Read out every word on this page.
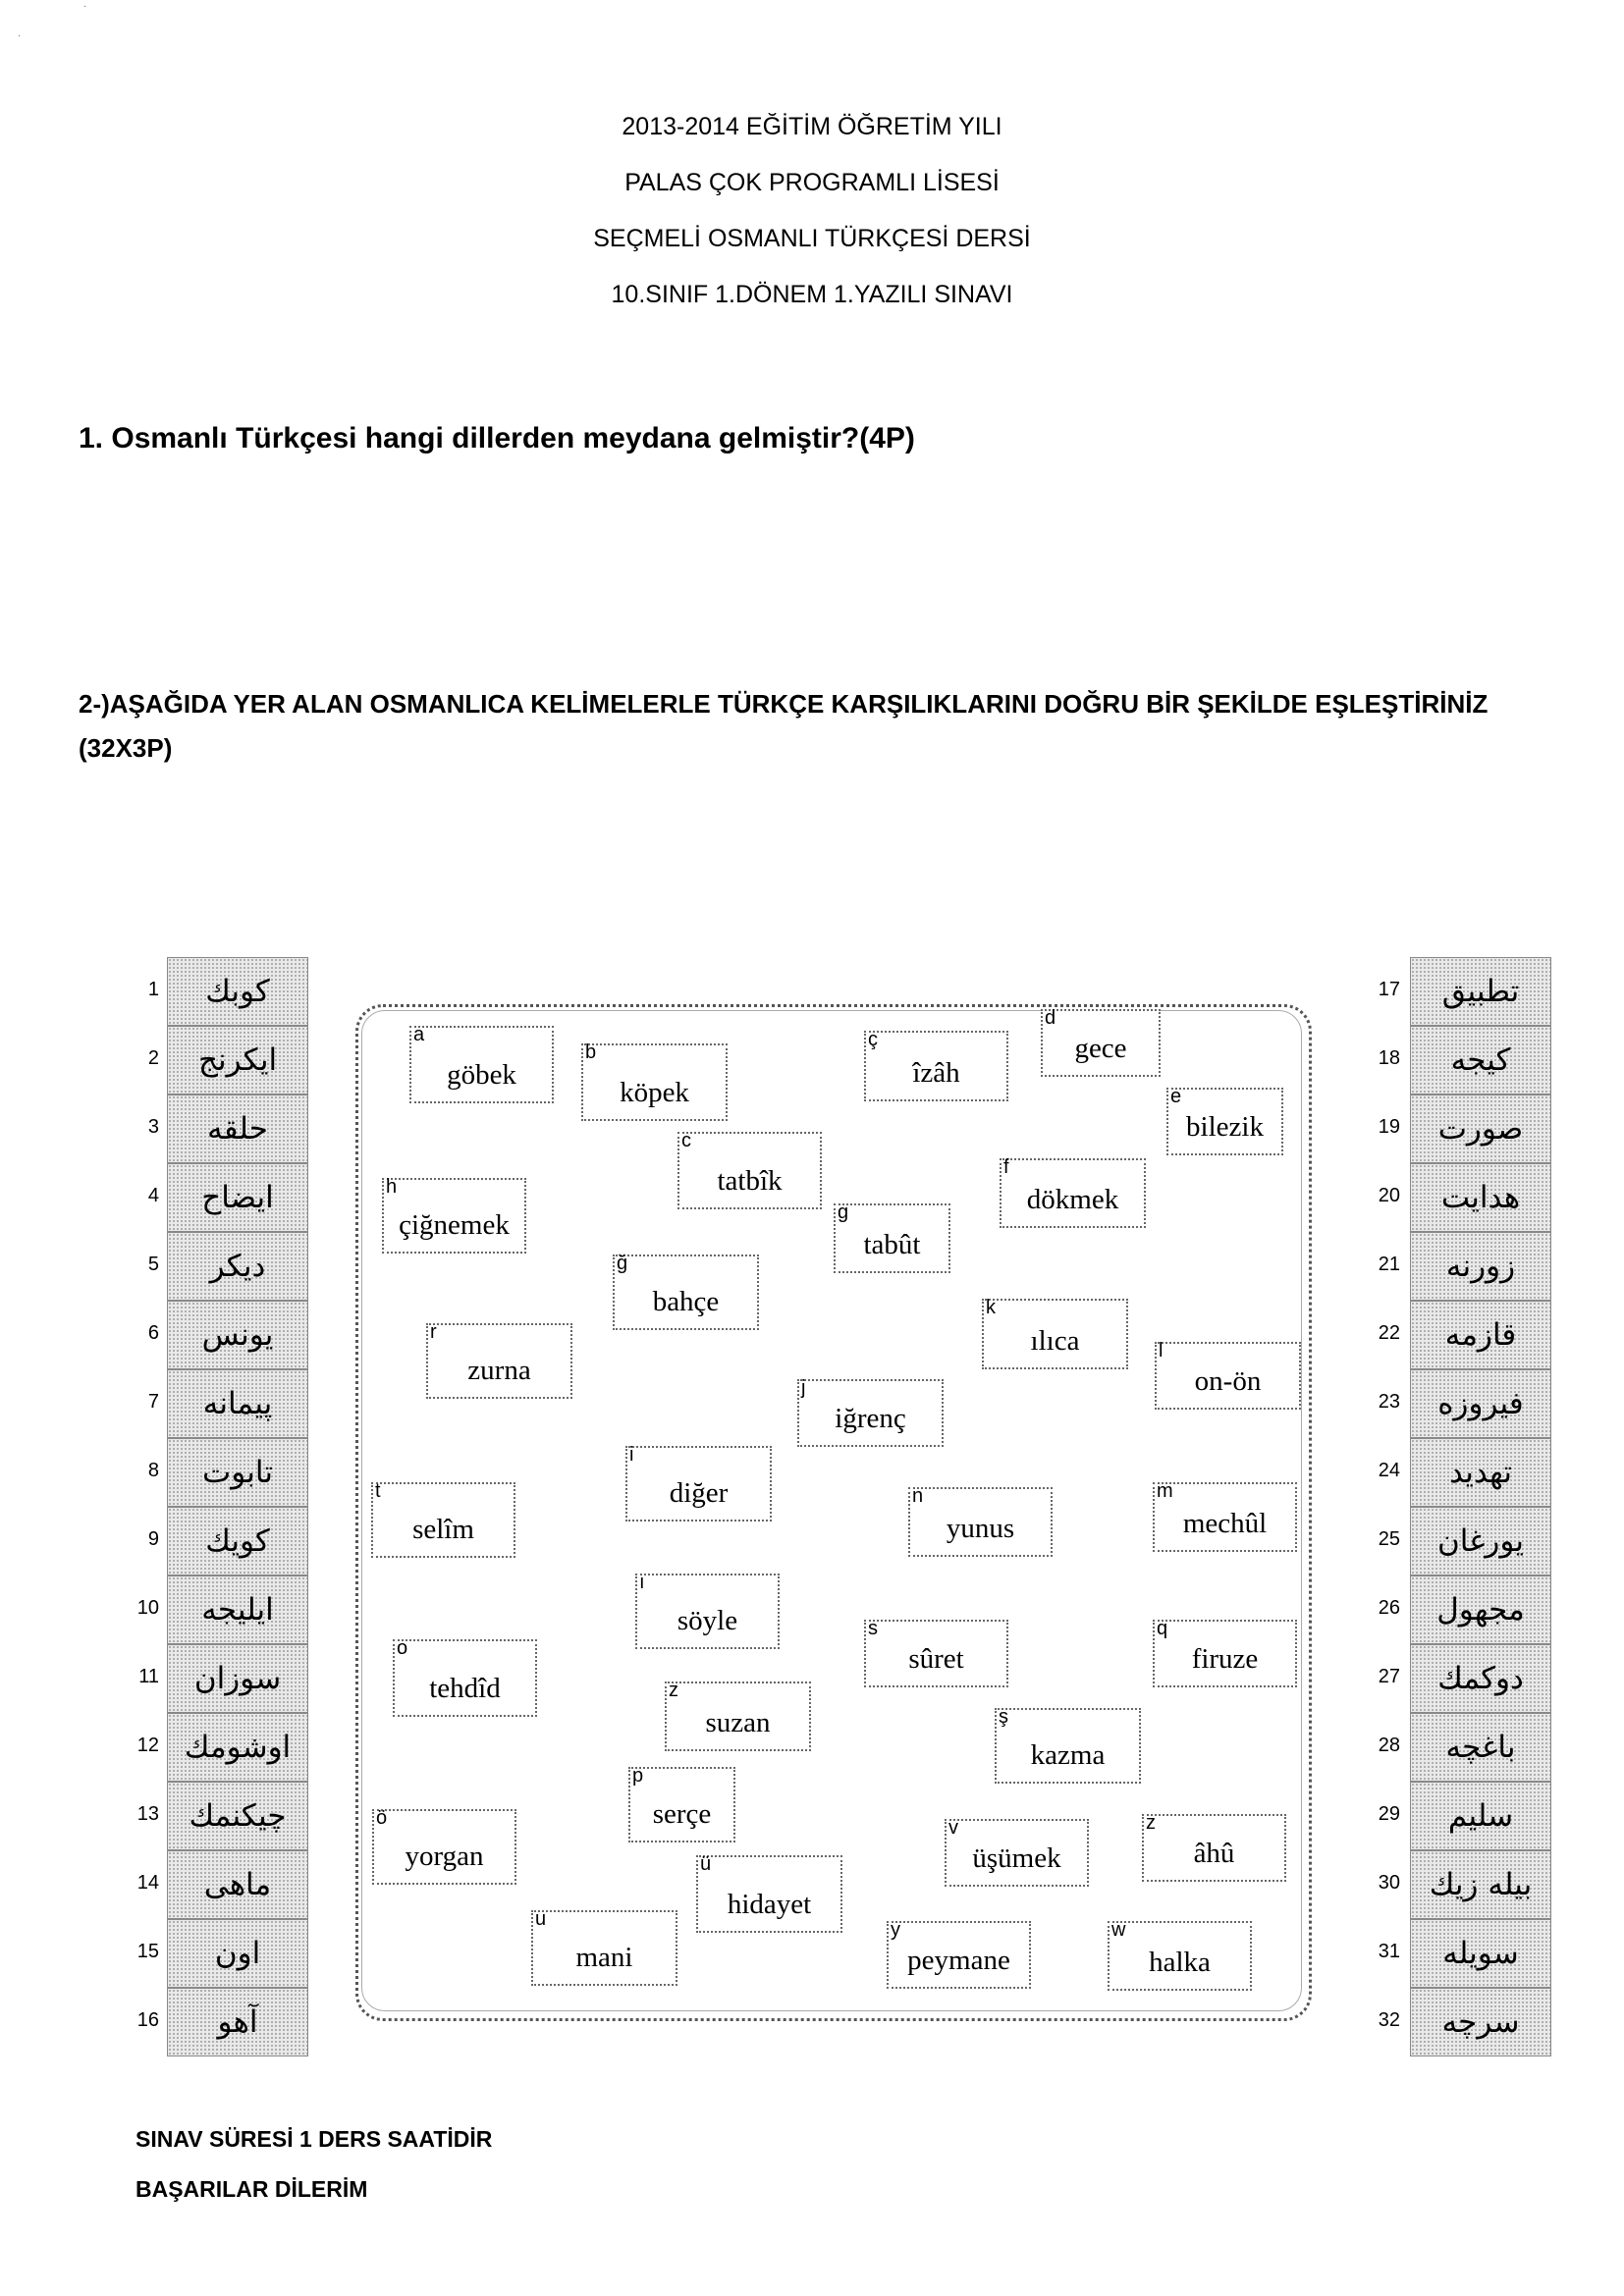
·
·
2013-2014 EĞİTİM ÖĞRETİM YILI
PALAS ÇOK PROGRAMLI LİSESİ
SEÇMELİ OSMANLI TÜRKÇESİ DERSİ
10.SINIF 1.DÖNEM 1.YAZILI SINAVI
1. Osmanlı Türkçesi hangi dillerden meydana gelmiştir?(4P)
2-)AŞAĞIDA YER ALAN OSMANLICA KELİMELERLE TÜRKÇE KARŞILIKLARINI DOĞRU BİR ŞEKİLDE EŞLEŞTİRİNİZ (32X3P)
1	کوبك
2	ایکرنج
3	حلقه
4	ایضاح
5	دیکر
6	یونس
7	پیمانه
8	تابوت
9	کویك
10	ایلیجه
11	سوزان
12 اوشومك
13 چیکنمك
14	ماهی
15	اون
16	آهو
17	تطبیق
18	کیجه
19	صورت
20	هدایت
21	زورنه
22	قازمه
23	فیروزه
24	تهدید
25	یورغان
26	مجهول
27	دوکمك
28	باغچه
29	سلیم
30 بیله زیك
31	سویله
32	سرچه
a
göbek
b
köpek
c
tatbîk
ç
îzâh
d
gece
e
bilezik
f
dökmek
g
tabût
ğ
bahçe
h
çiğnemek
k
ılıca	l
on-ön
r
zurna
j
iğrenç
i
diğer
t
selîm
n
yunus
m
mechûl
ı
söyle	s
sûret
q
firuze
o
tehdîd	z
suzan	ş
kazma
p
serçe
ö
yorgan
v
üşümek
z
âhû
ü
hidayet
u
mani
y
peymane
w
halka
SINAV SÜRESİ 1 DERS SAATİDİR
BAŞARILAR DİLERİM
